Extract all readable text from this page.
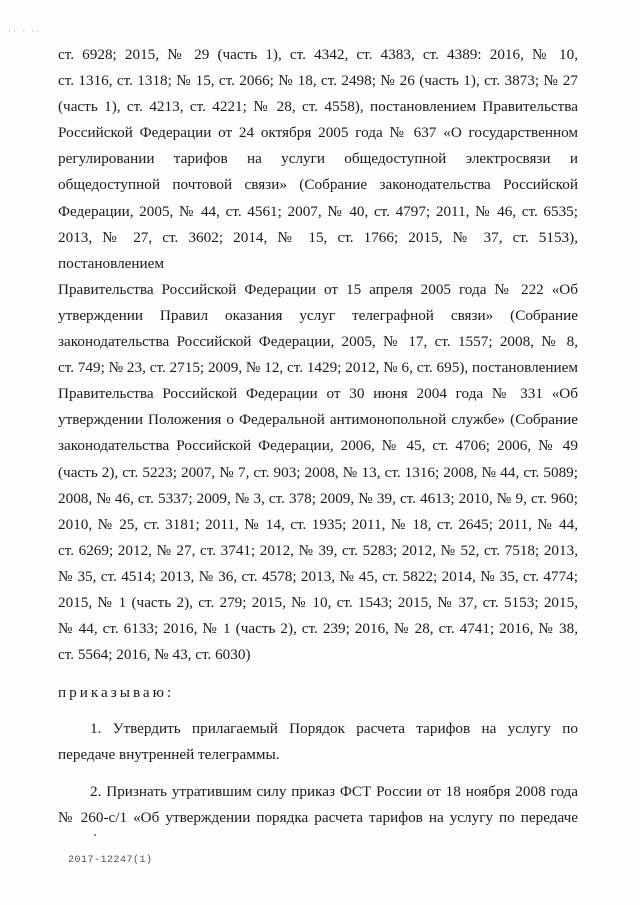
·· · ··
ст. 6928; 2015, № 29 (часть 1), ст. 4342, ст. 4383, ст. 4389: 2016, № 10,
ст. 1316, ст. 1318; № 15, ст. 2066; № 18, ст. 2498; № 26 (часть 1), ст. 3873; № 27
(часть 1), ст. 4213, ст. 4221; № 28, ст. 4558), постановлением Правительства
Российской Федерации от 24 октября 2005 года № 637 «О государственном
регулировании тарифов на услуги общедоступной электросвязи и
общедоступной почтовой связи» (Собрание законодательства Российской
Федерации, 2005, № 44, ст. 4561; 2007, № 40, ст. 4797; 2011, № 46, ст. 6535;
2013, № 27, ст. 3602; 2014, № 15, ст. 1766; 2015, № 37, ст. 5153), постановлением
Правительства Российской Федерации от 15 апреля 2005 года № 222 «Об
утверждении Правил оказания услуг телеграфной связи» (Собрание
законодательства Российской Федерации, 2005, № 17, ст. 1557; 2008, № 8,
ст. 749; № 23, ст. 2715; 2009, № 12, ст. 1429; 2012, № 6, ст. 695), постановлением
Правительства Российской Федерации от 30 июня 2004 года № 331 «Об
утверждении Положения о Федеральной антимонопольной службе» (Собрание
законодательства Российской Федерации, 2006, № 45, ст. 4706; 2006, № 49
(часть 2), ст. 5223; 2007, № 7, ст. 903; 2008, № 13, ст. 1316; 2008, № 44, ст. 5089;
2008, № 46, ст. 5337; 2009, № 3, ст. 378; 2009, № 39, ст. 4613; 2010, № 9, ст. 960;
2010, № 25, ст. 3181; 2011, № 14, ст. 1935; 2011, № 18, ст. 2645; 2011, № 44,
ст. 6269; 2012, № 27, ст. 3741; 2012, № 39, ст. 5283; 2012, № 52, ст. 7518; 2013,
№ 35, ст. 4514; 2013, № 36, ст. 4578; 2013, № 45, ст. 5822; 2014, № 35, ст. 4774;
2015, № 1 (часть 2), ст. 279; 2015, № 10, ст. 1543; 2015, № 37, ст. 5153; 2015,
№ 44, ст. 6133; 2016, № 1 (часть 2), ст. 239; 2016, № 28, ст. 4741; 2016, № 38,
ст. 5564; 2016, № 43, ст. 6030)
приказываю:
1. Утвердить прилагаемый Порядок расчета тарифов на услугу по
передаче внутренней телеграммы.
2. Признать утратившим силу приказ ФСТ России от 18 ноября 2008 года
№ 260-с/1 «Об утверждении порядка расчета тарифов на услугу по передаче
2017-12247(1)
